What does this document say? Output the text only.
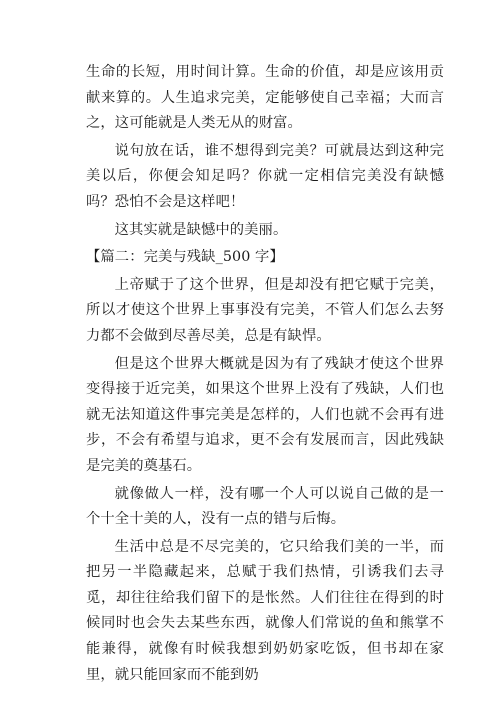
生命的长短，用时间计算。生命的价值，却是应该用贡献来算的。人生追求完美，定能够使自己幸福；大而言之，这可能就是人类无从的财富。

说句放在话，谁不想得到完美？可就晨达到这种完美以后，你便会知足吗？你就一定相信完美没有缺憾吗？恐怕不会是这样吧！

这其实就是缺憾中的美丽。

【篇二：完美与残缺_500 字】

上帝赋于了这个世界，但是却没有把它赋于完美，所以才使这个世界上事事没有完美，不管人们怎么去努力都不会做到尽善尽美，总是有缺悍。

但是这个世界大概就是因为有了残缺才使这个世界变得接于近完美，如果这个世界上没有了残缺，人们也就无法知道这件事完美是怎样的，人们也就不会再有进步，不会有希望与追求，更不会有发展而言，因此残缺是完美的奠基石。

就像做人一样，没有哪一个人可以说自己做的是一个十全十美的人，没有一点的错与后悔。

生活中总是不尽完美的，它只给我们美的一半，而把另一半隐藏起来，总赋于我们热情，引诱我们去寻觅，却往往给我们留下的是怅然。人们往往在得到的时候同时也会失去某些东西，就像人们常说的鱼和熊掌不能兼得，就像有时候我想到奶奶家吃饭，但书却在家里，就只能回家而不能到奶
